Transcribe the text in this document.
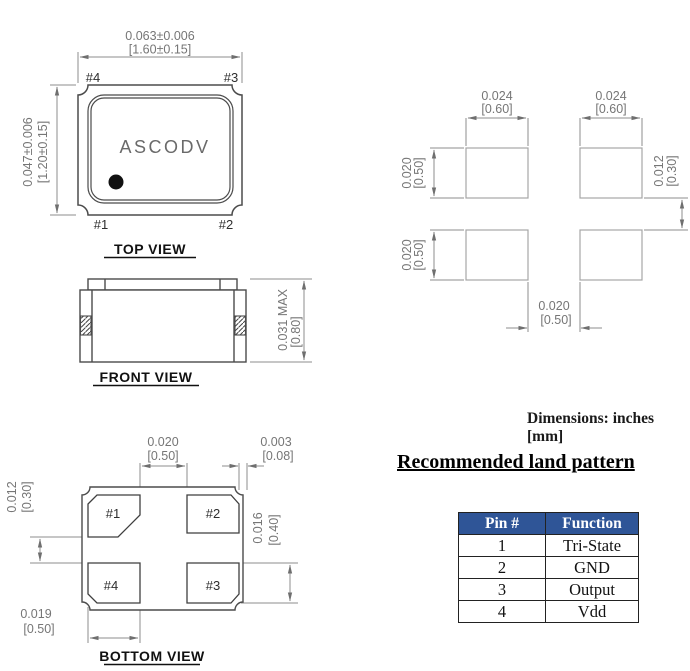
0.063±0.006
[1.60±0.15]
0.047±0.006 [1.20±0.15]	ASCODV
#4	#3
#1	#2
TOP VIEW
0.031 MAX [0.80]
FRONT VIEW
0.020
[0.50]
0.003
[0.08]
0.012 [0.30]
0.016 [0.40]
0.019
[0.50]
#1	#2
#4	#3
BOTTOM VIEW
0.024
[0.60]
0.024
[0.60]
0.020
[0.50]
0.020
[0.50]
0.012 [0.30]
0.020
[0.50]
Dimensions: inches [mm]
Recommended land pattern
Pin #	Function
1	Tri-State
2	GND
3	Output
4	Vdd
